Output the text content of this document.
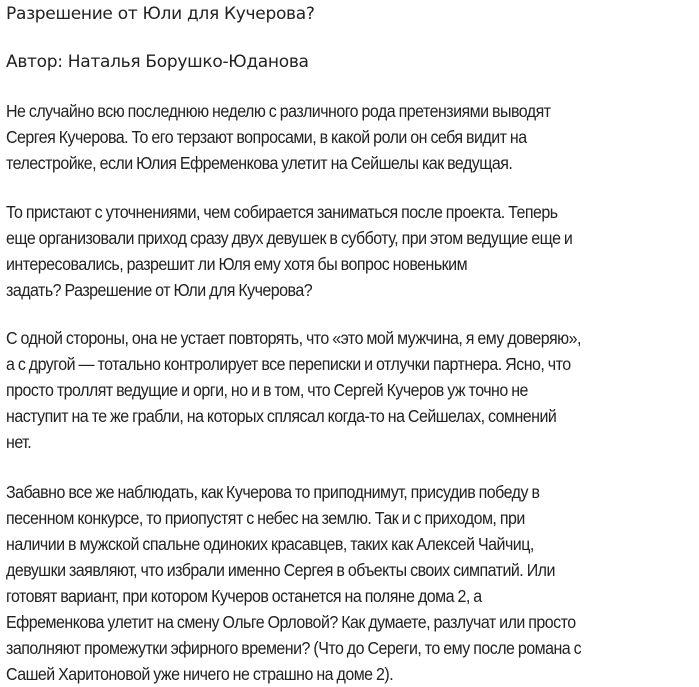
Разрешение от Юли для Кучерова?

Автор: Наталья Борушко-Юданова

Не случайно всю последнюю неделю с различного рода претензиями выводят
Сергея Кучерова. То его терзают вопросами, в какой роли он себя видит на
телестройке, если Юлия Ефременкова улетит на Сейшелы как ведущая.

То пристают с уточнениями, чем собирается заниматься после проекта. Теперь
еще организовали приход сразу двух девушек в субботу, при этом ведущие еще и
интересовались, разрешит ли Юля ему хотя бы вопрос новеньким
задать? Разрешение от Юли для Кучерова?

С одной стороны, она не устает повторять, что «это мой мужчина, я ему доверяю»,
а с другой — тотально контролирует все переписки и отлучки партнера. Ясно, что
просто троллят ведущие и орги, но и в том, что Сергей Кучеров уж точно не
наступит на те же грабли, на которых сплясал когда-то на Сейшелах, сомнений
нет.

Забавно все же наблюдать, как Кучерова то приподнимут, присудив победу в
песенном конкурсе, то приопустят с небес на землю. Так и с приходом, при
наличии в мужской спальне одиноких красавцев, таких как Алексей Чайчиц,
девушки заявляют, что избрали именно Сергея в объекты своих симпатий. Или
готовят вариант, при котором Кучеров останется на поляне дома 2, а
Ефременкова улетит на смену Ольге Орловой? Как думаете, разлучат или просто
заполняют промежутки эфирного времени? (Что до Сереги, то ему после романа с
Сашей Харитоновой уже ничего не страшно на доме 2).
